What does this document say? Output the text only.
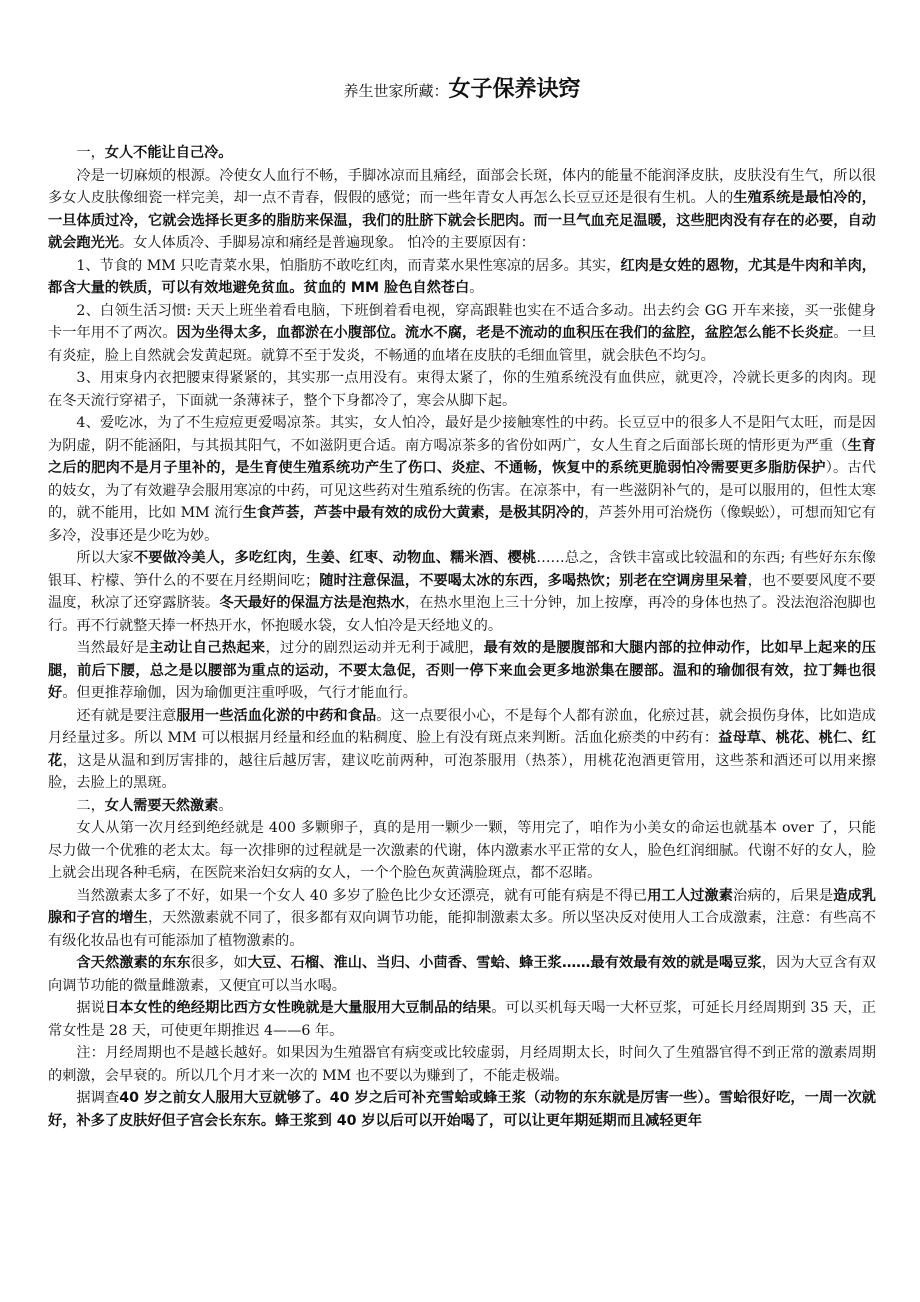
养生世家所藏：女子保养诀窍

一，女人不能让自己冷。

冷是一切麻烦的根源。冷使女人血行不畅，手脚冰凉而且痛经，面部会长斑，体内的能量不能润泽皮肤，皮肤没有生气，所以很多女人皮肤像细瓷一样完美，却一点不青春，假假的感觉；而一些年青女人再怎么长豆豆还是很有生机。人的生殖系统是最怕冷的，一旦体质过冷，它就会选择长更多的脂肪来保温，我们的肚脐下就会长肥肉。而一旦气血充足温暖，这些肥肉没有存在的必要，自动就会跑光光。女人体质冷、手脚易凉和痛经是普遍现象。 怕冷的主要原因有：

1、节食的 MM 只吃青菜水果，怕脂肪不敢吃红肉，而青菜水果性寒凉的居多。其实，红肉是女姓的恩物，尤其是牛肉和羊肉，都含大量的铁质，可以有效地避免贫血。贫血的 MM 脸色自然苍白。

2、白领生活习惯: 天天上班坐着看电脑，下班倒着看电视，穿高跟鞋也实在不适合多动。出去约会 GG 开车来接，买一张健身卡一年用不了两次。因为坐得太多，血都淤在小腹部位。流水不腐，老是不流动的血积压在我们的盆腔，盆腔怎么能不长炎症。一旦有炎症，脸上自然就会发黄起斑。就算不至于发炎，不畅通的血堵在皮肤的毛细血管里，就会肤色不均匀。

3、用束身内衣把腰束得紧紧的，其实那一点用没有。束得太紧了，你的生殖系统没有血供应，就更冷，冷就长更多的肉肉。现在冬天流行穿裙子，下面就一条薄袜子，整个下身都冷了，寒会从脚下起。

4、爱吃冰，为了不生痘痘更爱喝凉茶。其实，女人怕冷，最好是少接触寒性的中药。长豆豆中的很多人不是阳气太旺，而是因为阴虚，阴不能涵阳，与其损其阳气，不如滋阴更合适。南方喝凉茶多的省份如两广，女人生育之后面部长斑的情形更为严重（生育之后的肥肉不是月子里补的，是生育使生殖系统功产生了伤口、炎症、不通畅，恢复中的系统更脆弱怕冷需要更多脂肪保护）。古代的妓女，为了有效避孕会服用寒凉的中药，可见这些药对生殖系统的伤害。在凉茶中，有一些滋阴补气的，是可以服用的，但性太寒的，就不能用，比如 MM 流行生食芦荟，芦荟中最有效的成份大黄素，是极其阴冷的，芦荟外用可治烧伤（像蜈蚣），可想而知它有多冷，没事还是少吃为妙。

所以大家不要做冷美人，多吃红肉，生姜、红枣、动物血、糯米酒、樱桃……总之，含铁丰富或比较温和的东西; 有些好东东像银耳、柠檬、笋什么的不要在月经期间吃；随时注意保温，不要喝太冰的东西，多喝热饮；别老在空调房里呆着，也不要要风度不要温度，秋凉了还穿露脐装。冬天最好的保温方法是泡热水，在热水里泡上三十分钟，加上按摩，再冷的身体也热了。没法泡浴泡脚也行。再不行就整天捧一杯热开水，怀抱暖水袋，女人怕冷是天经地义的。

当然最好是主动让自己热起来，过分的剧烈运动并无利于减肥，最有效的是腰腹部和大腿内部的拉伸动作，比如早上起来的压腿，前后下腰，总之是以腰部为重点的运动，不要太急促，否则一停下来血会更多地淤集在腰部。温和的瑜伽很有效，拉丁舞也很好。但更推荐瑜伽，因为瑜伽更注重呼吸，气行才能血行。

还有就是要注意服用一些活血化淤的中药和食品。这一点要很小心，不是每个人都有淤血，化瘀过甚，就会损伤身体，比如造成月经量过多。所以 MM 可以根据月经量和经血的粘稠度、脸上有没有斑点来判断。活血化瘀类的中药有：益母草、桃花、桃仁、红花，这是从温和到厉害排的，越往后越厉害，建议吃前两种，可泡茶服用（热茶），用桃花泡酒更管用，这些茶和酒还可以用来擦脸，去脸上的黑斑。

二，女人需要天然激素。

女人从第一次月经到绝经就是 400 多颗卵子，真的是用一颗少一颗，等用完了，咱作为小美女的命运也就基本 over 了，只能尽力做一个优雅的老太太。每一次排卵的过程就是一次激素的代谢，体内激素水平正常的女人，脸色红润细腻。代谢不好的女人，脸上就会出现各种毛病，在医院来治妇女病的女人，一个个脸色灰黄满脸斑点，都不忍睹。

当然激素太多了不好，如果一个女人 40 多岁了脸色比少女还漂亮，就有可能有病是不得已用工人过激素治病的，后果是造成乳腺和子宫的增生，天然激素就不同了，很多都有双向调节功能，能抑制激素太多。所以坚决反对使用人工合成激素，注意：有些高不有级化妆品也有可能添加了植物激素的。

含天然激素的东东很多，如大豆、石榴、淮山、当归、小茴香、雪蛤、蜂王浆……最有效最有效的就是喝豆浆，因为大豆含有双向调节功能的微量雌激素，又便宜可以当水喝。

据说日本女性的绝经期比西方女性晚就是大量服用大豆制品的结果。可以买机每天喝一大杯豆浆，可延长月经周期到 35 天，正常女性是 28 天，可使更年期推迟 4——6 年。

注：月经周期也不是越长越好。如果因为生殖器官有病变或比较虚弱，月经周期太长，时间久了生殖器官得不到正常的激素周期的刺激，会早衰的。所以几个月才来一次的 MM 也不要以为赚到了，不能走极端。

据调查40 岁之前女人服用大豆就够了。40 岁之后可补充雪蛤或蜂王浆（动物的东东就是厉害一些）。雪蛤很好吃，一周一次就好，补多了皮肤好但子宫会长东东。蜂王浆到 40 岁以后可以开始喝了，可以让更年期延期而且减轻更年
